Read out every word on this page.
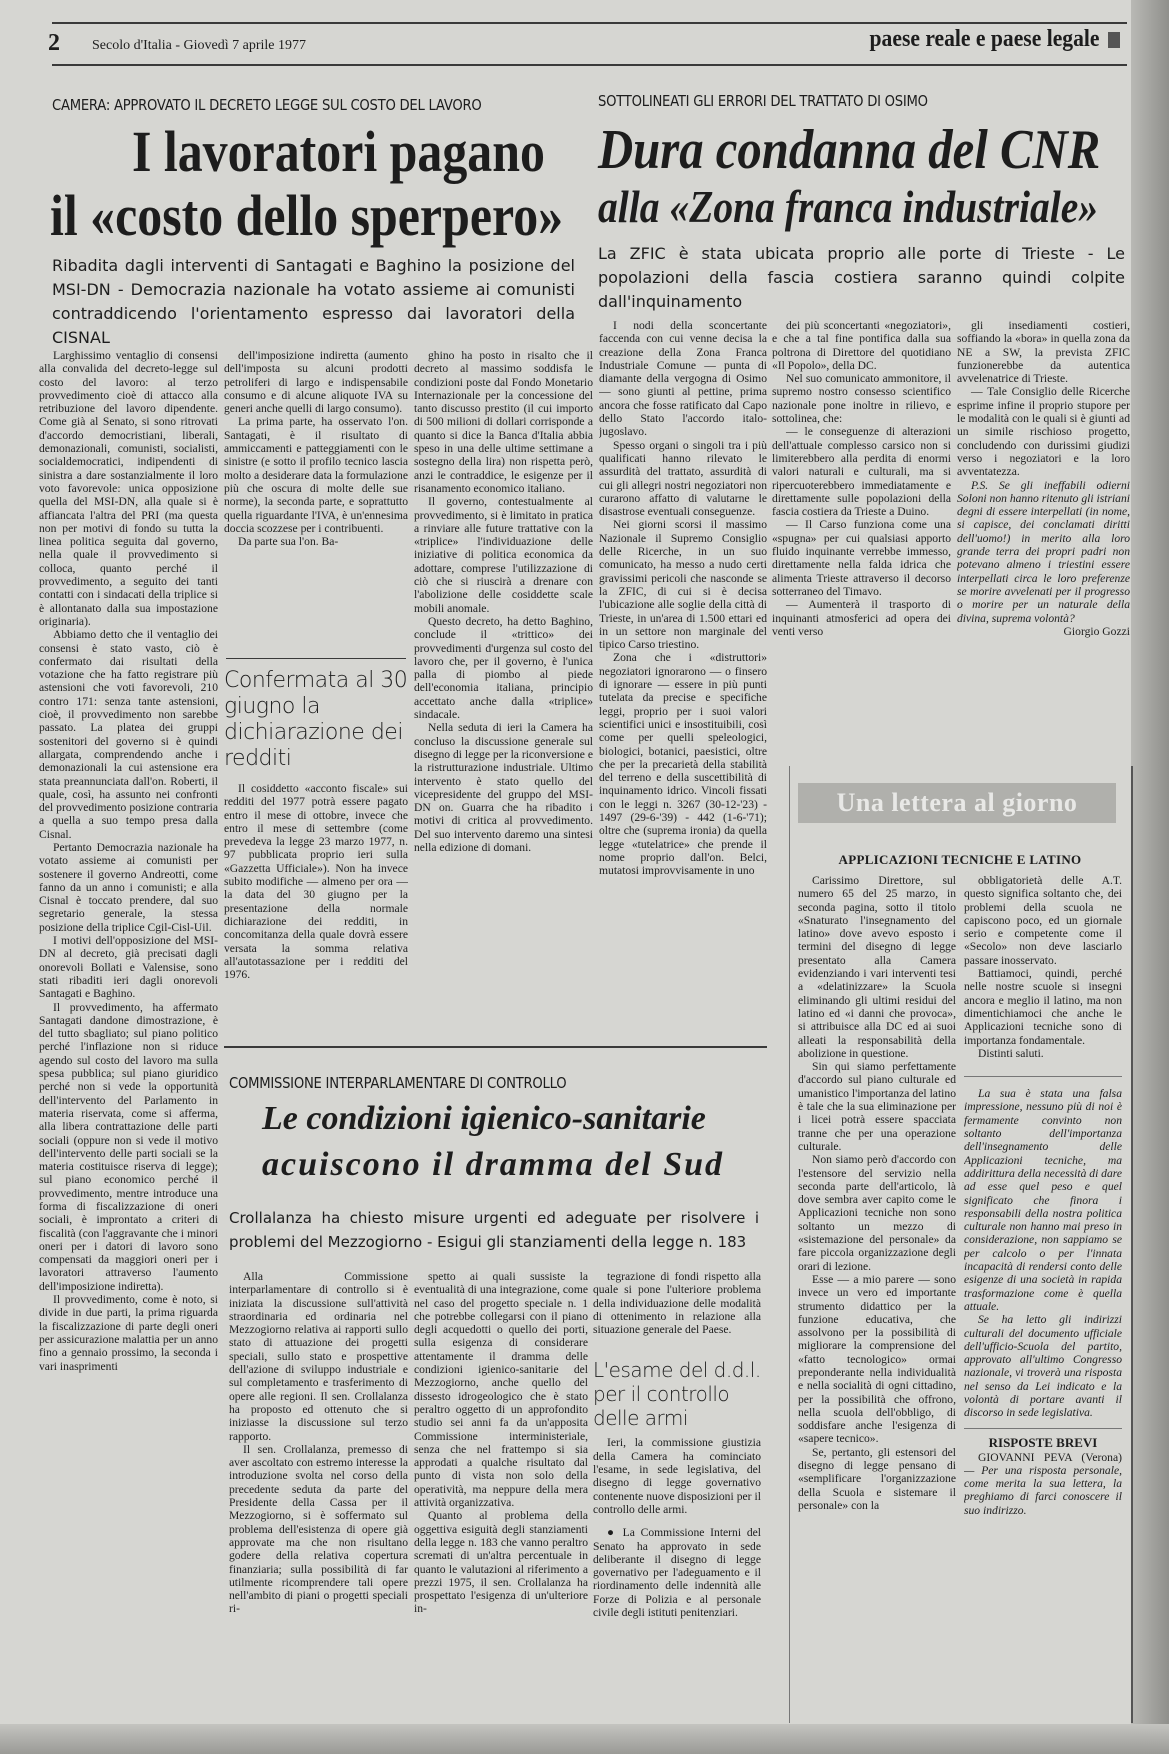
2 Secolo d'Italia - Giovedì 7 aprile 1977	paese reale e paese legale
CAMERA: APPROVATO IL DECRETO LEGGE SUL COSTO DEL LAVORO
I lavoratori pagano
il «costo dello sperpero»
Ribadita dagli interventi di Santagati e Baghino la posizione del MSI-DN - Democrazia nazionale ha votato assieme ai comunisti contraddicendo l'orientamento espresso dai lavoratori della CISNAL
SOTTOLINEATI GLI ERRORI DEL TRATTATO DI OSIMO
Dura condanna del CNR
alla «Zona franca industriale»
La ZFIC è stata ubicata proprio alle porte di Trieste - Le popolazioni della fascia costiera saranno quindi colpite dall'inquinamento

Larghissimo ventaglio di consensi alla convalida del decreto-legge sul costo del lavoro: al terzo provvedimento cioè di attacco alla retribuzione del lavoro dipendente. Come già al Senato, si sono ritrovati d'accordo democristiani, liberali, demonazionali, comunisti, socialisti, socialdemocratici, indipendenti di sinistra a dare sostanzialmente il loro voto favorevole: unica opposizione quella del MSI-DN, alla quale si è affiancata l'altra del PRI (ma questa non per motivi di fondo su tutta la linea politica seguita dal governo, nella quale il provvedimento si colloca, quanto perché il provvedimento, a seguito dei tanti contatti con i sindacati della triplice si è allontanato dalla sua impostazione originaria).

Abbiamo detto che il ventaglio dei consensi è stato vasto, ciò è confermato dai risultati della votazione che ha fatto registrare più astensioni che voti favorevoli, 210 contro 171: senza tante astensioni, cioè, il provvedimento non sarebbe passato. La platea dei gruppi sostenitori del governo si è quindi allargata, comprendendo anche i demonazionali la cui astensione era stata preannunciata dall'on. Roberti, il quale, così, ha assunto nei confronti del provvedimento posizione contraria a quella a suo tempo presa dalla Cisnal.

Pertanto Democrazia nazionale ha votato assieme ai comunisti per sostenere il governo Andreotti, come fanno da un anno i comunisti; e alla Cisnal è toccato prendere, dal suo segretario generale, la stessa posizione della triplice Cgil-Cisl-Uil.

I motivi dell'opposizione del MSI-DN al decreto, già precisati dagli onorevoli Bollati e Valensise, sono stati ribaditi ieri dagli onorevoli Santagati e Baghino.

Il provvedimento, ha affermato Santagati dandone dimostrazione, è del tutto sbagliato; sul piano politico perché l'inflazione non si riduce agendo sul costo del lavoro ma sulla spesa pubblica; sul piano giuridico perché non si vede la opportunità dell'intervento del Parlamento in materia riservata, come si afferma, alla libera contrattazione delle parti sociali (oppure non si vede il motivo dell'intervento delle parti sociali se la materia costituisce riserva di legge); sul piano economico perché il provvedimento, mentre introduce una forma di fiscalizzazione di oneri sociali, è improntato a criteri di fiscalità (con l'aggravante che i minori oneri per i datori di lavoro sono compensati da maggiori oneri per i lavoratori attraverso l'aumento dell'imposizione indiretta).

Il provvedimento, come è noto, si divide in due parti, la prima riguarda la fiscalizzazione di parte degli oneri per assicurazione malattia per un anno fino a gennaio prossimo, la seconda i vari inasprimenti

dell'imposizione indiretta (aumento dell'imposta su alcuni prodotti petroliferi di largo e indispensabile consumo e di alcune aliquote IVA su generi anche quelli di largo consumo).

La prima parte, ha osservato l'on. Santagati, è il risultato di ammiccamenti e patteggiamenti con le sinistre (e sotto il profilo tecnico lascia molto a desiderare data la formulazione più che oscura di molte delle sue norme), la seconda parte, e soprattutto quella riguardante l'IVA, è un'ennesima doccia scozzese per i contribuenti.

Da parte sua l'on. Ba-

Confermata al 30 giugno la dichiarazione dei redditi

Il cosiddetto «acconto fiscale» sui redditi del 1977 potrà essere pagato entro il mese di ottobre, invece che entro il mese di settembre (come prevedeva la legge 23 marzo 1977, n. 97 pubblicata proprio ieri sulla «Gazzetta Ufficiale»). Non ha invece subito modifiche — almeno per ora — la data del 30 giugno per la presentazione della normale dichiarazione dei redditi, in concomitanza della quale dovrà essere versata la somma relativa all'autotassazione per i redditi del 1976.

ghino ha posto in risalto che il decreto al massimo soddisfa le condizioni poste dal Fondo Monetario Internazionale per la concessione del tanto discusso prestito (il cui importo di 500 milioni di dollari corrisponde a quanto si dice la Banca d'Italia abbia speso in una delle ultime settimane a sostegno della lira) non rispetta però, anzi le contraddice, le esigenze per il risanamento economico italiano.

Il governo, contestualmente al provvedimento, si è limitato in pratica a rinviare alle future trattative con la «triplice» l'individuazione delle iniziative di politica economica da adottare, comprese l'utilizzazione di ciò che si riuscirà a drenare con l'abolizione delle cosiddette scale mobili anomale.

Questo decreto, ha detto Baghino, conclude il «trittico» dei provvedimenti d'urgenza sul costo del lavoro che, per il governo, è l'unica palla di piombo al piede dell'economia italiana, principio accettato anche dalla «triplice» sindacale.

Nella seduta di ieri la Camera ha concluso la discussione generale sul disegno di legge per la riconversione e la ristrutturazione industriale. Ultimo intervento è stato quello del vicepresidente del gruppo del MSI-DN on. Guarra che ha ribadito i motivi di critica al provvedimento. Del suo intervento daremo una sintesi nella edizione di domani.

I nodi della sconcertante faccenda con cui venne decisa la creazione della Zona Franca Industriale Comune — punta di diamante della vergogna di Osimo — sono giunti al pettine, prima ancora che fosse ratificato dal Capo dello Stato l'accordo italo-jugoslavo.

Spesso organi o singoli tra i più qualificati hanno rilevato le assurdità del trattato, assurdità di cui gli allegri nostri negoziatori non curarono affatto di valutarne le disastrose eventuali conseguenze.

Nei giorni scorsi il massimo Nazionale il Supremo Consiglio delle Ricerche, in un suo comunicato, ha messo a nudo certi gravissimi pericoli che nasconde se la ZFIC, di cui si è decisa l'ubicazione alle soglie della città di Trieste, in un'area di 1.500 ettari ed in un settore non marginale del tipico Carso triestino.

Zona che i «distruttori» negoziatori ignorarono — o finsero di ignorare — essere in più punti tutelata da precise e specifiche leggi, proprio per i suoi valori scientifici unici e insostituibili, così come per quelli speleologici, biologici, botanici, paesistici, oltre che per la precarietà della stabilità del terreno e della suscettibilità di inquinamento idrico. Vincoli fissati con le leggi n. 3267 (30-12-'23) - 1497 (29-6-'39) - 442 (1-6-'71); oltre che (suprema ironia) da quella legge «tutelatrice» che prende il nome proprio dall'on. Belci, mutatosi improvvisamente in uno

dei più sconcertanti «negoziatori», e che a tal fine pontifica dalla sua poltrona di Direttore del quotidiano «Il Popolo», della DC.

Nel suo comunicato ammonitore, il supremo nostro consesso scientifico nazionale pone inoltre in rilievo, e sottolinea, che:

— le conseguenze di alterazioni dell'attuale complesso carsico non si limiterebbero alla perdita di enormi valori naturali e culturali, ma si ripercuoterebbero immediatamente e direttamente sulle popolazioni della fascia costiera da Trieste a Duino.

— Il Carso funziona come una «spugna» per cui qualsiasi apporto fluido inquinante verrebbe immesso, direttamente nella falda idrica che alimenta Trieste attraverso il decorso sotterraneo del Timavo.

— Aumenterà il trasporto di inquinanti atmosferici ad opera dei venti verso

gli insediamenti costieri, soffiando la «bora» in quella zona da NE a SW, la prevista ZFIC funzionerebbe da autentica avvelenatrice di Trieste.

— Tale Consiglio delle Ricerche esprime infine il proprio stupore per le modalità con le quali si è giunti ad un simile rischioso progetto, concludendo con durissimi giudizi verso i negoziatori e la loro avventatezza.

P.S. Se gli ineffabili odierni Soloni non hanno ritenuto gli istriani degni di essere interpellati (in nome, si capisce, dei conclamati diritti dell'uomo!) in merito alla loro grande terra dei propri padri non potevano almeno i triestini essere interpellati circa le loro preferenze se morire avvelenati per il progresso o morire per un naturale della divina, suprema volontà?

Giorgio Gozzi
COMMISSIONE INTERPARLAMENTARE DI CONTROLLO
Le condizioni igienico-sanitarie
acuiscono il dramma del Sud
Crollalanza ha chiesto misure urgenti ed adeguate per risolvere i problemi del Mezzogiorno - Esigui gli stanziamenti della legge n. 183

Alla Commissione interparlamentare di controllo si è iniziata la discussione sull'attività straordinaria ed ordinaria nel Mezzogiorno relativa ai rapporti sullo stato di attuazione dei progetti speciali, sullo stato e prospettive dell'azione di sviluppo industriale e sul completamento e trasferimento di opere alle regioni. Il sen. Crollalanza ha proposto ed ottenuto che si iniziasse la discussione sul terzo rapporto.

Il sen. Crollalanza, premesso di aver ascoltato con estremo interesse la introduzione svolta nel corso della precedente seduta da parte del Presidente della Cassa per il Mezzogiorno, si è soffermato sul problema dell'esistenza di opere già approvate ma che non risultano godere della relativa copertura finanziaria; sulla possibilità di far utilmente ricomprendere tali opere nell'ambito di piani o progetti speciali ri-

spetto ai quali sussiste la eventualità di una integrazione, come nel caso del progetto speciale n. 1 che potrebbe collegarsi con il piano degli acquedotti o quello dei porti, sulla esigenza di considerare attentamente il dramma delle condizioni igienico-sanitarie del Mezzogiorno, anche quello del dissesto idrogeologico che è stato peraltro oggetto di un approfondito studio sei anni fa da un'apposita Commissione interministeriale, senza che nel frattempo si sia approdati a qualche risultato dal punto di vista non solo della operatività, ma neppure della mera attività organizzativa.

Quanto al problema della oggettiva esiguità degli stanziamenti della legge n. 183 che vanno peraltro scremati di un'altra percentuale in quanto le valutazioni al riferimento a prezzi 1975, il sen. Crollalanza ha prospettato l'esigenza di un'ulteriore in-

tegrazione di fondi rispetto alla quale si pone l'ulteriore problema della individuazione delle modalità di ottenimento in relazione alla situazione generale del Paese.

L'esame del d.d.l. per il controllo delle armi

Ieri, la commissione giustizia della Camera ha cominciato l'esame, in sede legislativa, del disegno di legge governativo contenente nuove disposizioni per il controllo delle armi.

● La Commissione Interni del Senato ha approvato in sede deliberante il disegno di legge governativo per l'adeguamento e il riordinamento delle indennità alle Forze di Polizia e al personale civile degli istituti penitenziari.

Una lettera al giorno
APPLICAZIONI TECNICHE E LATINO

Carissimo Direttore, sul numero 65 del 25 marzo, in seconda pagina, sotto il titolo «Snaturato l'insegnamento del latino» dove avevo esposto i termini del disegno di legge presentato alla Camera evidenziando i vari interventi tesi a «delatinizzare» la Scuola eliminando gli ultimi residui del latino ed «i danni che provoca», si attribuisce alla DC ed ai suoi alleati la responsabilità della abolizione in questione.

Sin qui siamo perfettamente d'accordo sul piano culturale ed umanistico l'importanza del latino è tale che la sua eliminazione per i licei potrà essere spacciata tranne che per una operazione culturale.

Non siamo però d'accordo con l'estensore del servizio nella seconda parte dell'articolo, là dove sembra aver capito come le Applicazioni tecniche non sono soltanto un mezzo di «sistemazione del personale» da fare piccola organizzazione degli orari di lezione.

Esse — a mio parere — sono invece un vero ed importante strumento didattico per la funzione educativa, che assolvono per la possibilità di migliorare la comprensione del «fatto tecnologico» ormai preponderante nella individualità e nella socialità di ogni cittadino, per la possibilità che offrono, nella scuola dell'obbligo, di soddisfare anche l'esigenza di «sapere tecnico».

Se, pertanto, gli estensori del disegno di legge pensano di «semplificare l'organizzazione della Scuola e sistemare il personale» con la

obbligatorietà delle A.T. questo significa soltanto che, dei problemi della scuola ne capiscono poco, ed un giornale serio e competente come il «Secolo» non deve lasciarlo passare inosservato.

Battiamoci, quindi, perché nelle nostre scuole si insegni ancora e meglio il latino, ma non dimentichiamoci che anche le Applicazioni tecniche sono di importanza fondamentale.

Distinti saluti.

La sua è stata una falsa impressione, nessuno più di noi è fermamente convinto non soltanto dell'importanza dell'insegnamento delle Applicazioni tecniche, ma addirittura della necessità di dare ad esse quel peso e quel significato che finora i responsabili della nostra politica culturale non hanno mai preso in considerazione, non sappiamo se per calcolo o per l'innata incapacità di rendersi conto delle esigenze di una società in rapida trasformazione come è quella attuale.

Se ha letto gli indirizzi culturali del documento ufficiale dell'ufficio-Scuola del partito, approvato all'ultimo Congresso nazionale, vi troverà una risposta nel senso da Lei indicato e la volontà di portare avanti il discorso in sede legislativa.

RISPOSTE BREVI

GIOVANNI PEVA (Verona) — Per una risposta personale, come merita la sua lettera, la preghiamo di farci conoscere il suo indirizzo.
